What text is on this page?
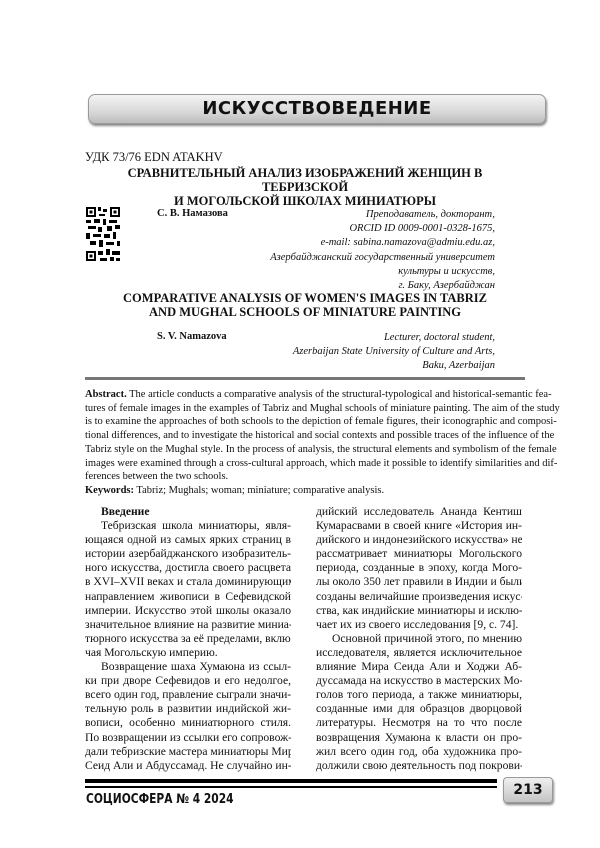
ИСКУССТВОВЕДЕНИЕ
УДК 73/76 EDN ATAKHV
СРАВНИТЕЛЬНЫЙ АНАЛИЗ ИЗОБРАЖЕНИЙ ЖЕНЩИН В ТЕБРИЗСКОЙ
И МОГОЛЬСКОЙ ШКОЛАХ МИНИАТЮРЫ
С. В. Намазова	Преподаватель, докторант,
ORCID ID 0009-0001-0328-1675,
e-mail: sabina.namazova@admiu.edu.az,
Азербайджанский государственный университет
культуры и искусств,
г. Баку, Азербайджан
COMPARATIVE ANALYSIS OF WOMEN'S IMAGES IN TABRIZ
AND MUGHAL SCHOOLS OF MINIATURE PAINTING
S. V. Namazova	Lecturer, doctoral student,
Azerbaijan State University of Culture and Arts,
Baku, Azerbaijan
Abstract. The article conducts a comparative analysis of the structural-typological and historical-semantic fea-
tures of female images in the examples of Tabriz and Mughal schools of miniature painting. The aim of the study
is to examine the approaches of both schools to the depiction of female figures, their iconographic and composi-
tional differences, and to investigate the historical and social contexts and possible traces of the influence of the
Tabriz style on the Mughal style. In the process of analysis, the structural elements and symbolism of the female
images were examined through a cross-cultural approach, which made it possible to identify similarities and dif-
ferences between the two schools.
Keywords: Tabriz; Mughals; woman; miniature; comparative analysis.
Введение
Тебризская школа миниатюры, явля-
ющаяся одной из самых ярких страниц в
истории азербайджанского изобразитель-
ного искусства, достигла своего расцвета
в XVI–XVII веках и стала доминирующим
направлением живописи в Сефевидской
империи. Искусство этой школы оказало
значительное влияние на развитие миниа-
тюрного искусства за её пределами, вклю-
чая Могольскую империю.
Возвращение шаха Хумаюна из ссыл-
ки при дворе Сефевидов и его недолгое,
всего один год, правление сыграли значи-
тельную роль в развитии индийской жи-
вописи, особенно миниатюрного стиля.
По возвращении из ссылки его сопровож-
дали тебризские мастера миниатюры Мир
Сеид Али и Абдуссамад. Не случайно ин-
дийский исследователь Ананда Кентиш
Кумарасвами в своей книге «История ин-
дийского и индонезийского искусства» не
рассматривает миниатюры Могольского
периода, созданные в эпоху, когда Мого-
лы около 350 лет правили в Индии и были
созданы величайшие произведения искус-
ства, как индийские миниатюры и исклю-
чает их из своего исследования [9, с. 74].
Основной причиной этого, по мнению
исследователя, является исключительное
влияние Мира Сеида Али и Ходжи Аб-
дуссамада на искусство в мастерских Мо-
голов того периода, а также миниатюры,
созданные ими для образцов дворцовой
литературы. Несмотря на то что после
возвращения Хумаюна к власти он про-
жил всего один год, оба художника про-
должили свою деятельность под покрови-
СОЦИОСФЕРА № 4 2024
213
